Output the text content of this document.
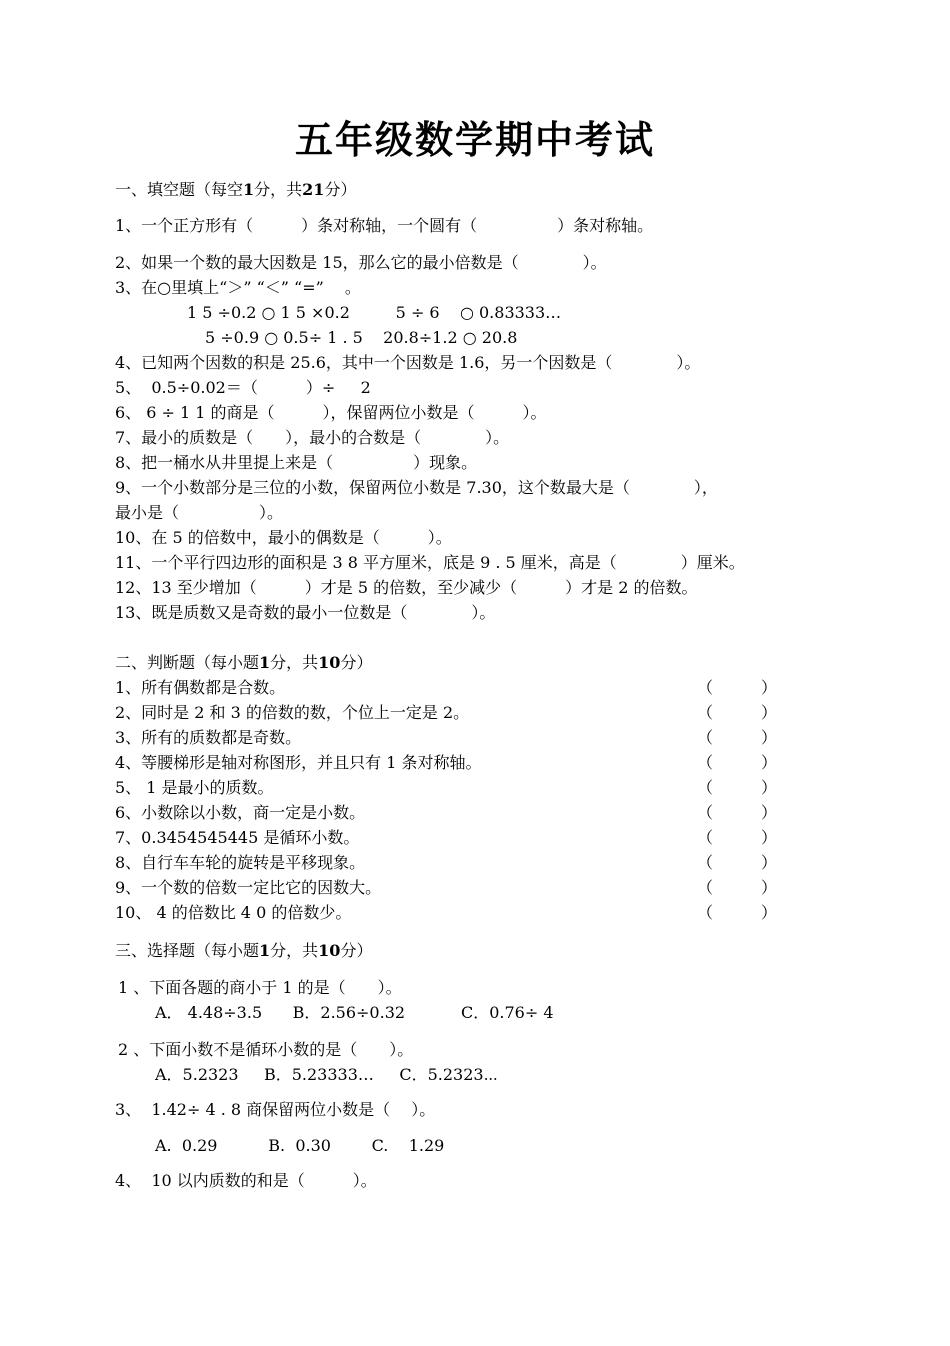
五年级数学期中考试
一、填空题（每空1分，共21分）
1、一个正方形有（　　　）条对称轴，一个圆有（　　　　　）条对称轴。
2、如果一个数的最大因数是 15，那么它的最小倍数是（　　　　）。
3、在○里填上“＞” “＜” “=” 　。
1 5 ÷0.2 ○ 1 5 ×0.2         5 ÷ 6    ○ 0.83333…
5 ÷0.9 ○ 0.5÷ 1 . 5    20.8÷1.2 ○ 20.8
4、已知两个因数的积是 25.6，其中一个因数是 1.6，另一个因数是（　　　　）。
5、  0.5÷0.02＝（　　　）÷     2
6、 6 ÷ 1 1 的商是（　　　），保留两位小数是（　　　）。
7、最小的质数是（　　），最小的合数是（　　　　）。
8、把一桶水从井里提上来是（　　　　　）现象。
9、一个小数部分是三位的小数，保留两位小数是 7.30，这个数最大是（　　　　），
最小是（　　　　　）。
10、在 5 的倍数中，最小的偶数是（　　　）。
11、一个平行四边形的面积是 3 8 平方厘米，底是 9 . 5 厘米，高是（　　　　）厘米。
12、13 至少增加（　　　）才是 5 的倍数，至少减少（　　　）才是 2 的倍数。
13、既是质数又是奇数的最小一位数是（　　　　）。
二、判断题（每小题1分，共10分）
1、所有偶数都是合数。	（　　　）
2、同时是 2 和 3 的倍数的数，个位上一定是 2。	（　　　）
3、所有的质数都是奇数。	（　　　）
4、等腰梯形是轴对称图形，并且只有 1 条对称轴。	（　　　）
5、 1 是最小的质数。	（　　　）
6、小数除以小数，商一定是小数。	（　　　）
7、0.3454545445 是循环小数。	（　　　）
8、自行车车轮的旋转是平移现象。	（　　　）
9、一个数的倍数一定比它的因数大。	（　　　）
10、 4 的倍数比 4 0 的倍数少。	（　　　）
三、选择题（每小题1分，共10分）
1 、下面各题的商小于 1 的是（　　）。
A． 4.48÷3.5      B．2.56÷0.32           C．0.76÷ 4
2 、下面小数不是循环小数的是（　　）。
A．5.2323     B．5.23333…     C．5.2323⋯
3、  1.42÷ 4 . 8 商保留两位小数是（　 ）。
A.  0.29          B.  0.30        C.    1.29
4、  10 以内质数的和是（　　　）。
